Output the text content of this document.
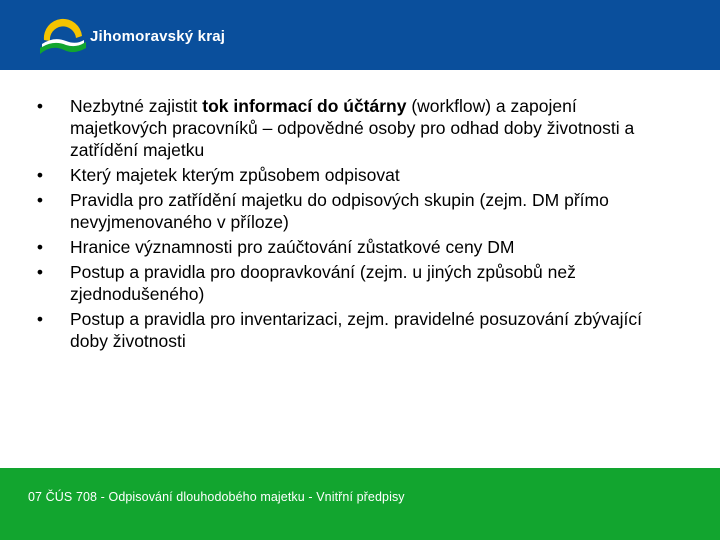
Jihomoravský kraj
•	Nezbytné zajistit tok informací do účtárny (workflow) a zapojení majetkových pracovníků – odpovědné osoby pro odhad doby životnosti a zatřídění majetku
•	Který majetek kterým způsobem odpisovat
•	Pravidla pro zatřídění majetku do odpisových skupin (zejm. DM přímo nevyjmenovaného v příloze)
•	Hranice významnosti pro zaúčtování zůstatkové ceny DM
•	Postup a pravidla pro doopravkování (zejm. u jiných způsobů než zjednodušeného)
•	Postup a pravidla pro inventarizaci, zejm. pravidelné posuzování zbývající doby životnosti
07 ČÚS 708 - Odpisování dlouhodobého majetku - Vnitřní předpisy
